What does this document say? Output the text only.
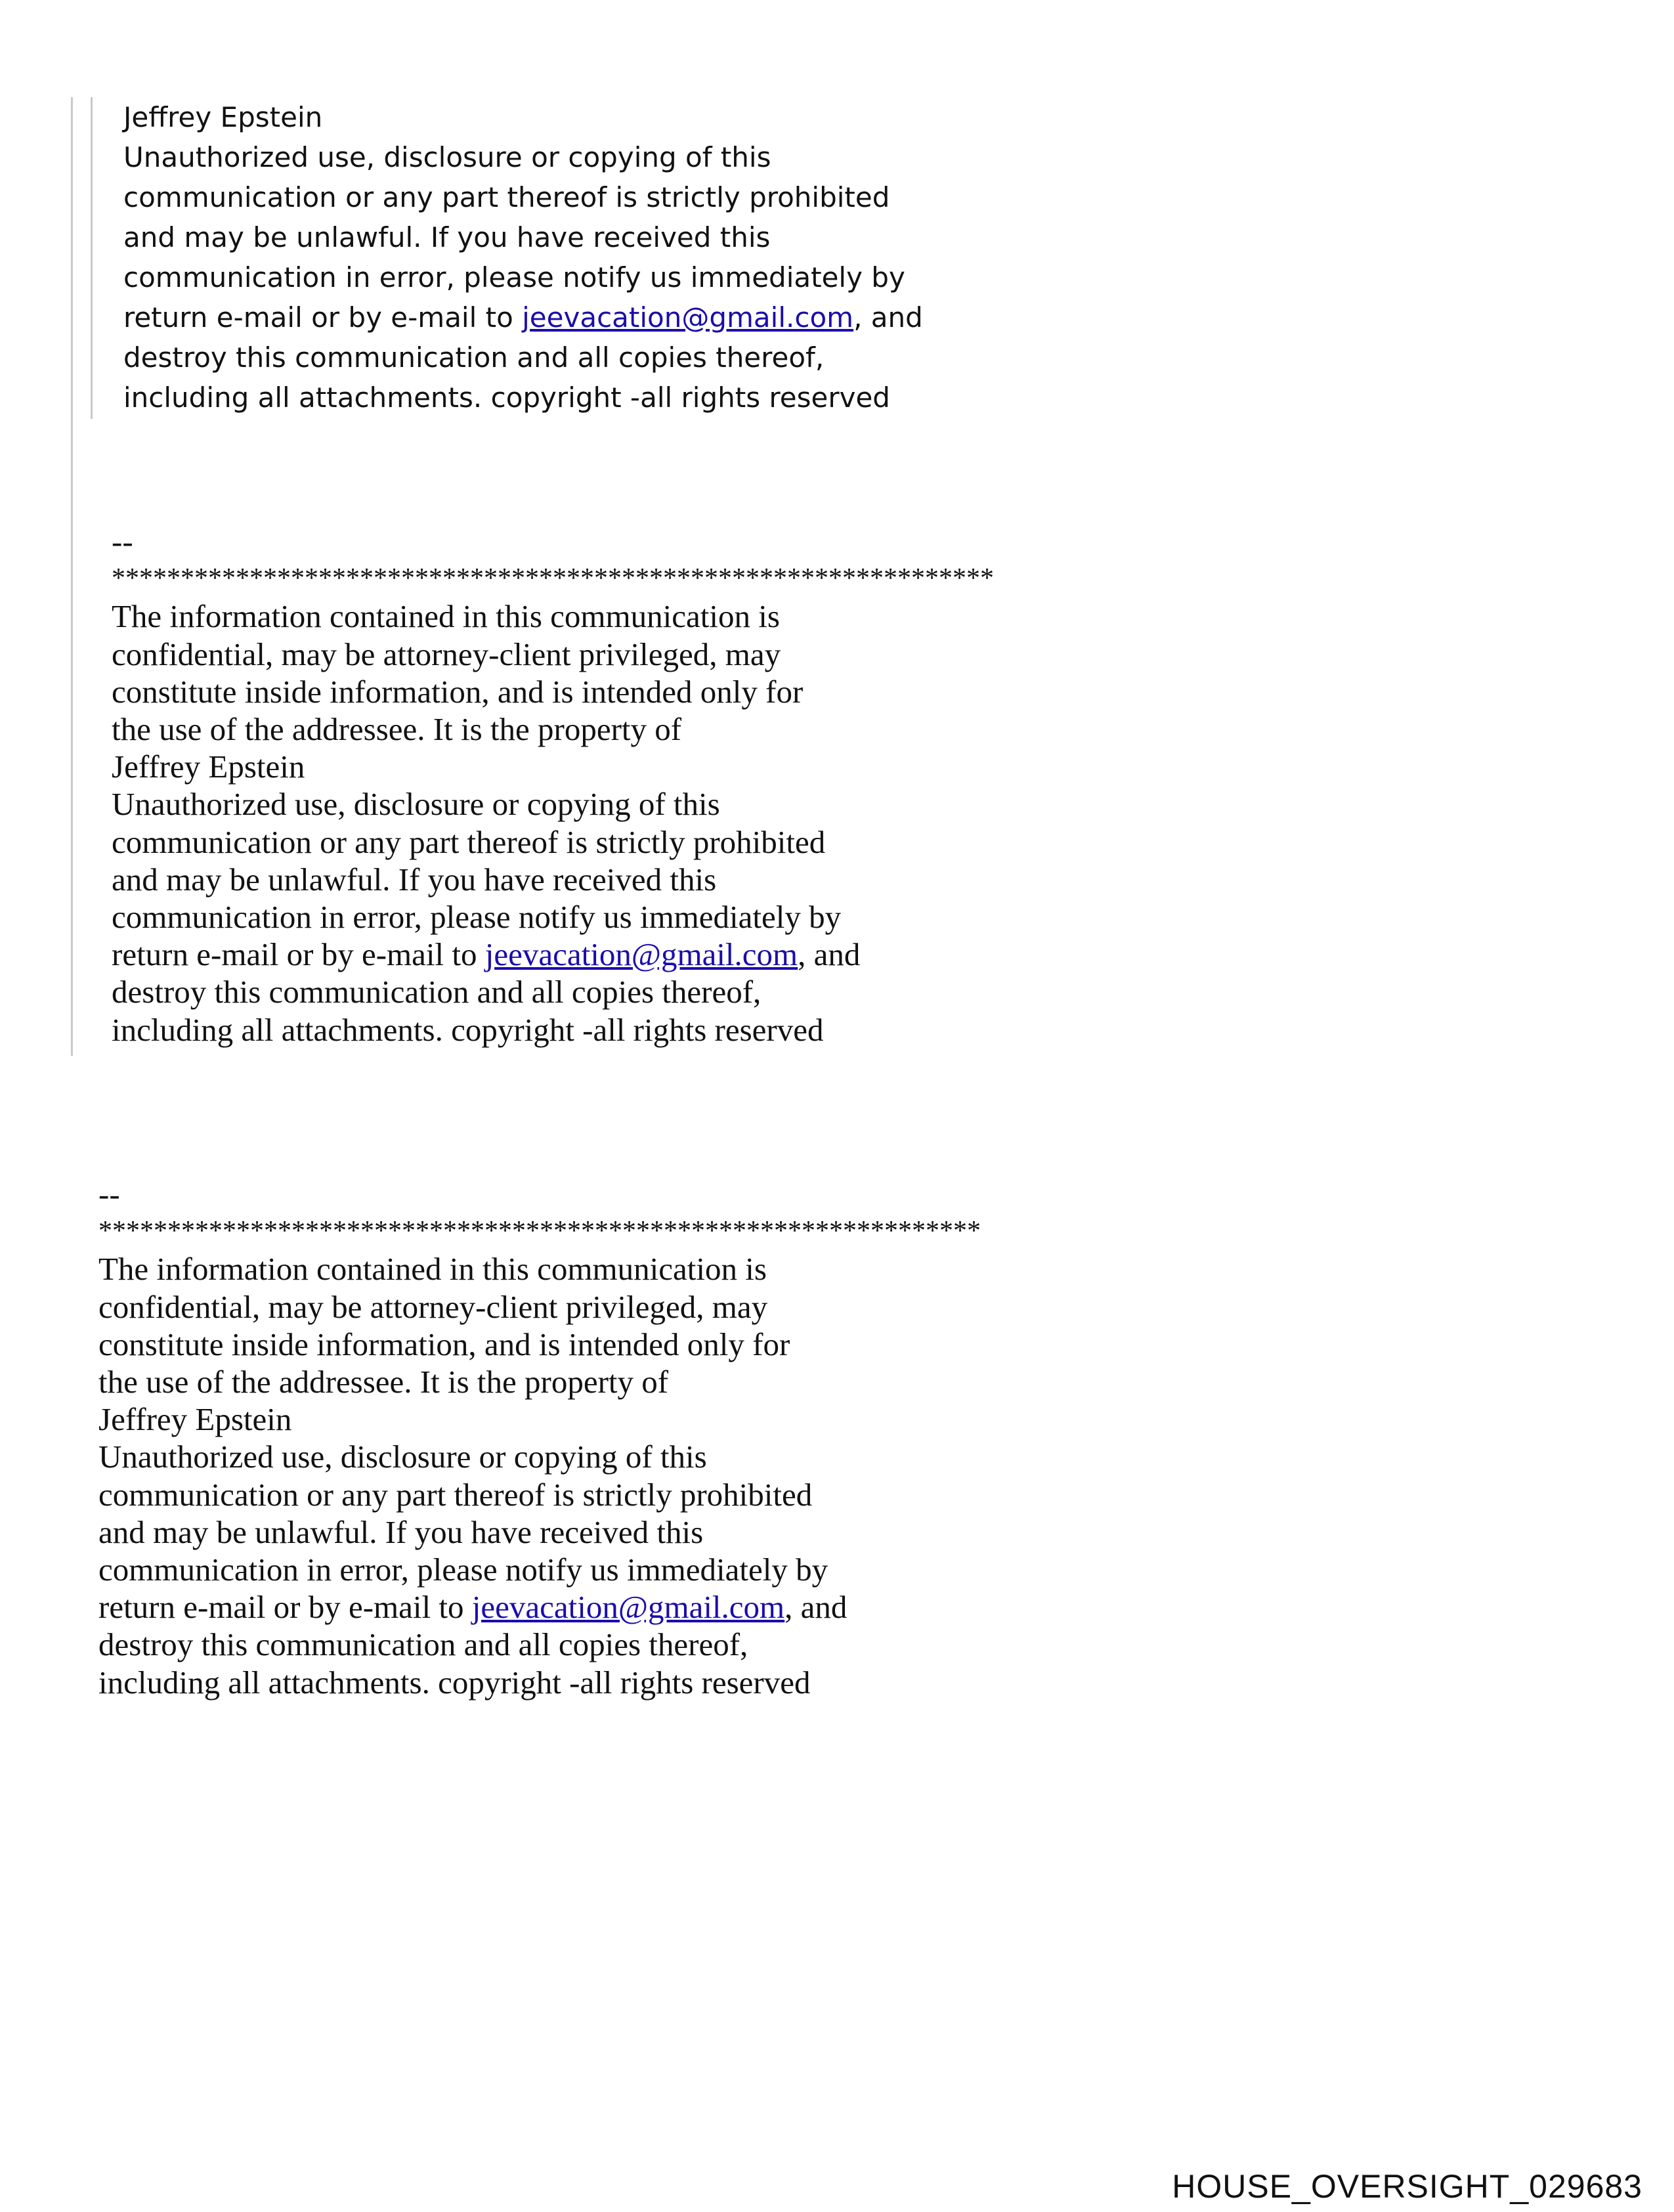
Jeffrey Epstein
Unauthorized use, disclosure or copying of this
communication or any part thereof is strictly prohibited
and may be unlawful. If you have received this
communication in error, please notify us immediately by
return e-mail or by e-mail to jeevacation@gmail.com, and
destroy this communication and all copies thereof,
including all attachments. copyright -all rights reserved
--
****************************************************************
The information contained in this communication is
confidential, may be attorney-client privileged, may
constitute inside information, and is intended only for
the use of the addressee. It is the property of
Jeffrey Epstein
Unauthorized use, disclosure or copying of this
communication or any part thereof is strictly prohibited
and may be unlawful. If you have received this
communication in error, please notify us immediately by
return e-mail or by e-mail to jeevacation@gmail.com, and
destroy this communication and all copies thereof,
including all attachments. copyright -all rights reserved
--
****************************************************************
The information contained in this communication is
confidential, may be attorney-client privileged, may
constitute inside information, and is intended only for
the use of the addressee. It is the property of
Jeffrey Epstein
Unauthorized use, disclosure or copying of this
communication or any part thereof is strictly prohibited
and may be unlawful. If you have received this
communication in error, please notify us immediately by
return e-mail or by e-mail to jeevacation@gmail.com, and
destroy this communication and all copies thereof,
including all attachments. copyright -all rights reserved
HOUSE_OVERSIGHT_029683
